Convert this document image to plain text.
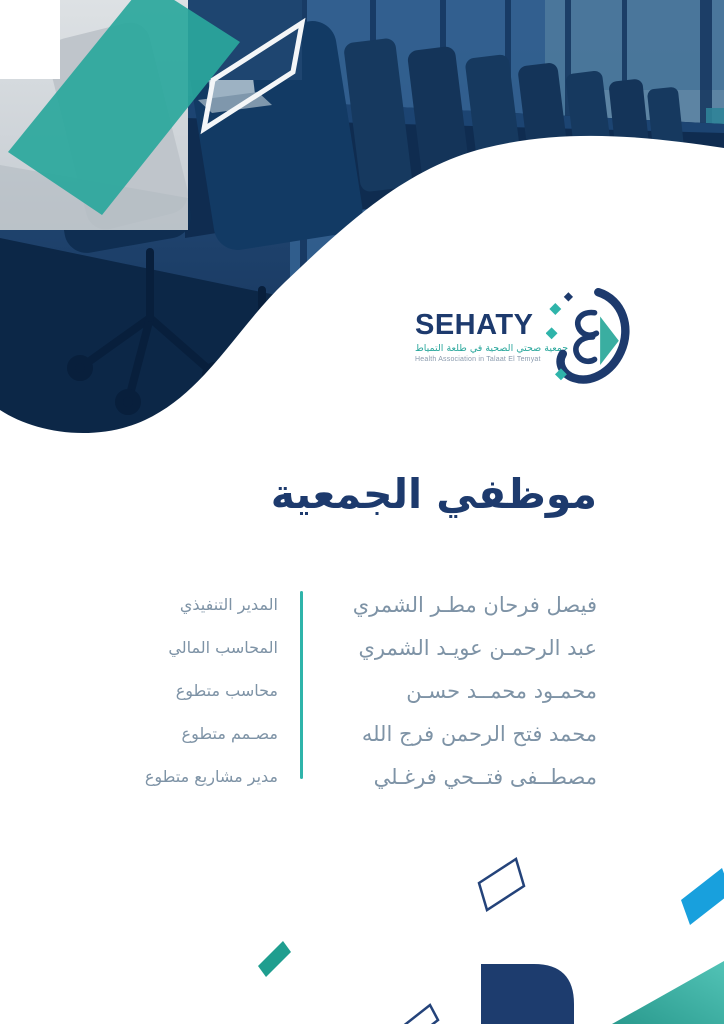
SEHATY
جمعية صحتي الصحية في طلعة التمياط
Health Association in Talaat El Temyat
موظفي الجمعية
فيصل فرحان مطـر الشمري
عبد الرحمـن عويـد الشمري
محمـود محمــد حسـن
محمد فتح الرحمن فرج الله
مصطــفى فتــحي فرغـلي
المدير التنفيذي
المحاسب المالي
محاسب متطوع
مصـمم متطوع
مدير مشاريع متطوع
